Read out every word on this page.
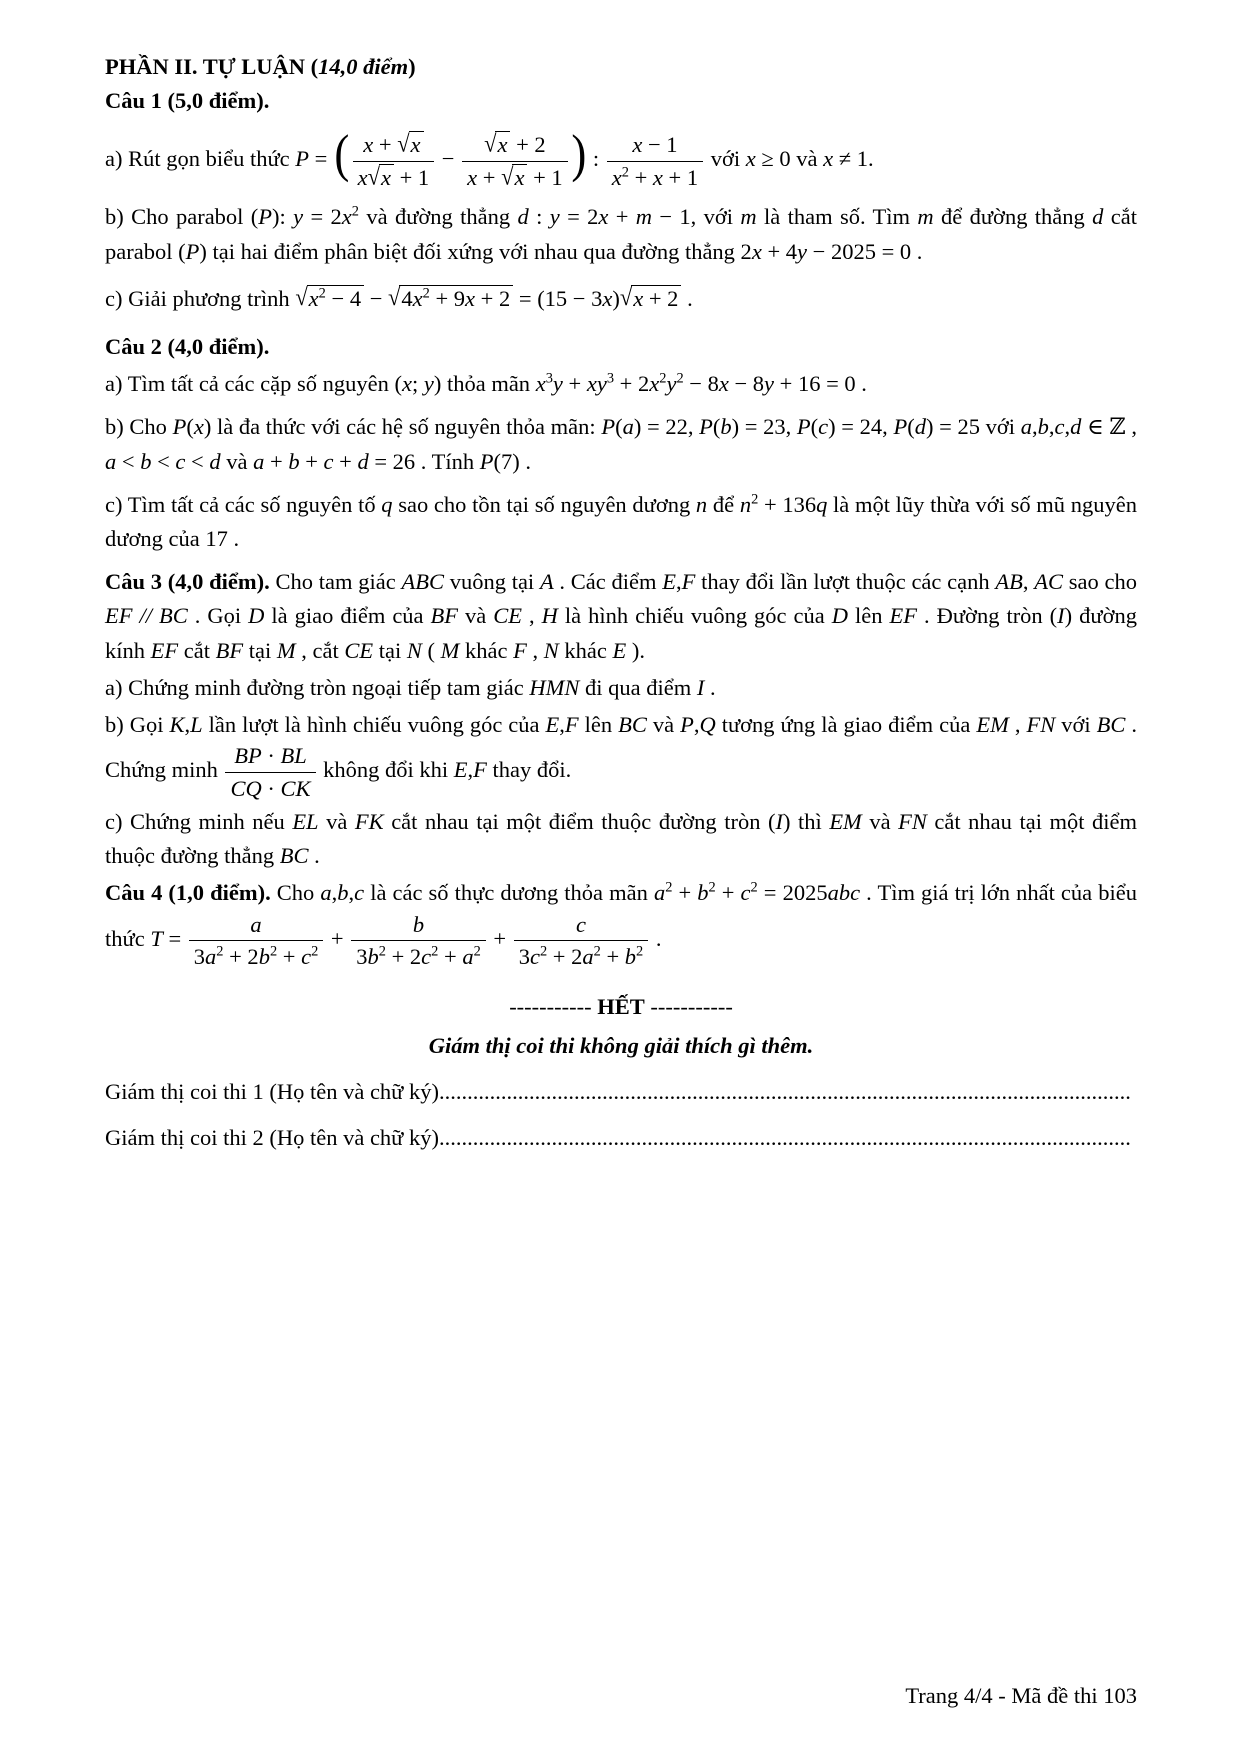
PHẦN II. TỰ LUẬN (14,0 điểm)

Câu 1 (5,0 điểm).

a) Rút gọn biểu thức P = ( $\frac{x + √x}{x√x + 1} - \frac{√x + 2}{x + √x + 1}$ ) : $\frac{x - 1}{x^2 + x + 1}$ với x ≥ 0 và x ≠ 1.

b) Cho parabol (P): $y = 2x^2$ và đường thẳng d : y = 2x + m − 1, với m là tham số. Tìm m để đường thẳng d cắt parabol (P) tại hai điểm phân biệt đối xứng với nhau qua đường thẳng 2x + 4y − 2025 = 0 .

c) Giải phương trình $√x^2 - 4 - √4x^2 + 9x + 2 = (15 - 3x)√x + 2$ .

Câu 2 (4,0 điểm).

a) Tìm tất cả các cặp số nguyên (x; y) thỏa mãn $x^3y + xy^3 + 2x^2y^2 - 8x - 8y + 16 = 0$ .

b) Cho P(x) là đa thức với các hệ số nguyên thỏa mãn: P(a) = 22, P(b) = 23, P(c) = 24, P(d) = 25 với a,b,c,d ∈ ℤ , a < b < c < d và a + b + c + d = 26 . Tính P(7) .

c) Tìm tất cả các số nguyên tố q sao cho tồn tại số nguyên dương n để $n^2 + 136q$ là một lũy thừa với số mũ nguyên dương của 17 .

Câu 3 (4,0 điểm). Cho tam giác ABC vuông tại A . Các điểm E,F thay đổi lần lượt thuộc các cạnh AB, AC sao cho EF // BC . Gọi D là giao điểm của BF và CE , H là hình chiếu vuông góc của D lên EF . Đường tròn (I) đường kính EF cắt BF tại M , cắt CE tại N ( M khác F , N khác E ).

a) Chứng minh đường tròn ngoại tiếp tam giác HMN đi qua điểm I .

b) Gọi K,L lần lượt là hình chiếu vuông góc của E,F lên BC và P,Q tương ứng là giao điểm của EM , FN với BC . Chứng minh $\frac{BP \cdot BL}{CQ \cdot CK}$ không đổi khi E,F thay đổi.

c) Chứng minh nếu EL và FK cắt nhau tại một điểm thuộc đường tròn (I) thì EM và FN cắt nhau tại một điểm thuộc đường thẳng BC .

Câu 4 (1,0 điểm). Cho a,b,c là các số thực dương thỏa mãn $a^2 + b^2 + c^2 = 2025abc$ . Tìm giá trị lớn nhất của biểu thức $T = \frac{a}{3a^2 + 2b^2 + c^2} + \frac{b}{3b^2 + 2c^2 + a^2} + \frac{c}{3c^2 + 2a^2 + b^2}$ .

----------- HẾT -----------

Giám thị coi thi không giải thích gì thêm.

Giám thị coi thi 1 (Họ tên và chữ ký)...........................................................................................................................

Giám thị coi thi 2 (Họ tên và chữ ký)...........................................................................................................................

Trang 4/4 - Mã đề thi 103
